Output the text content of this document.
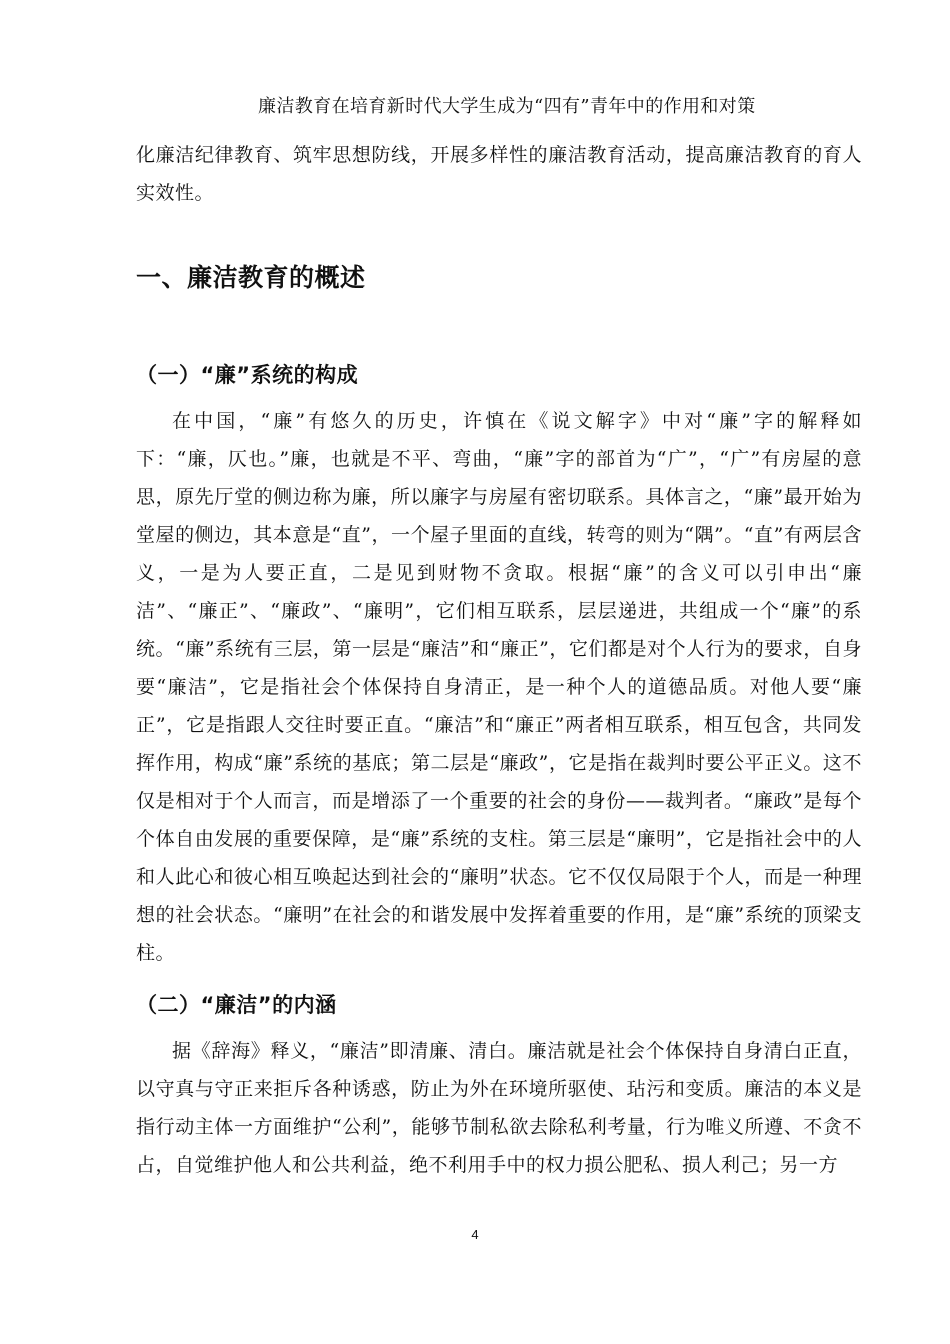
廉洁教育在培育新时代大学生成为“四有”青年中的作用和对策

化廉洁纪律教育、筑牢思想防线，开展多样性的廉洁教育活动，提高廉洁教育的育人实效性。

一、廉洁教育的概述
（一）“廉”系统的构成

在中国，“廉”有悠久的历史，许慎在《说文解字》中对“廉”字的解释如下：“廉，仄也。”廉，也就是不平、弯曲，“廉”字的部首为“广”，“广”有房屋的意思，原先厅堂的侧边称为廉，所以廉字与房屋有密切联系。具体言之，“廉”最开始为堂屋的侧边，其本意是“直”，一个屋子里面的直线，转弯的则为“隅”。“直”有两层含义，一是为人要正直，二是见到财物不贪取。根据“廉”的含义可以引申出“廉洁”、“廉正”、“廉政”、“廉明”，它们相互联系，层层递进，共组成一个“廉”的系统。“廉”系统有三层，第一层是“廉洁”和“廉正”，它们都是对个人行为的要求，自身要“廉洁”，它是指社会个体保持自身清正，是一种个人的道德品质。对他人要“廉正”，它是指跟人交往时要正直。“廉洁”和“廉正”两者相互联系，相互包含，共同发挥作用，构成“廉”系统的基底；第二层是“廉政”，它是指在裁判时要公平正义。这不仅是相对于个人而言，而是增添了一个重要的社会的身份——裁判者。“廉政”是每个个体自由发展的重要保障，是“廉”系统的支柱。第三层是“廉明”，它是指社会中的人和人此心和彼心相互唤起达到社会的“廉明”状态。它不仅仅局限于个人，而是一种理想的社会状态。“廉明”在社会的和谐发展中发挥着重要的作用，是“廉”系统的顶梁支柱。

（二）“廉洁”的内涵

据《辞海》释义，“廉洁”即清廉、清白。廉洁就是社会个体保持自身清白正直，以守真与守正来拒斥各种诱惑，防止为外在环境所驱使、玷污和变质。廉洁的本义是指行动主体一方面维护“公利”，能够节制私欲去除私利考量，行为唯义所遵、不贪不占，自觉维护他人和公共利益，绝不利用手中的权力损公肥私、损人利己；另一方

4
